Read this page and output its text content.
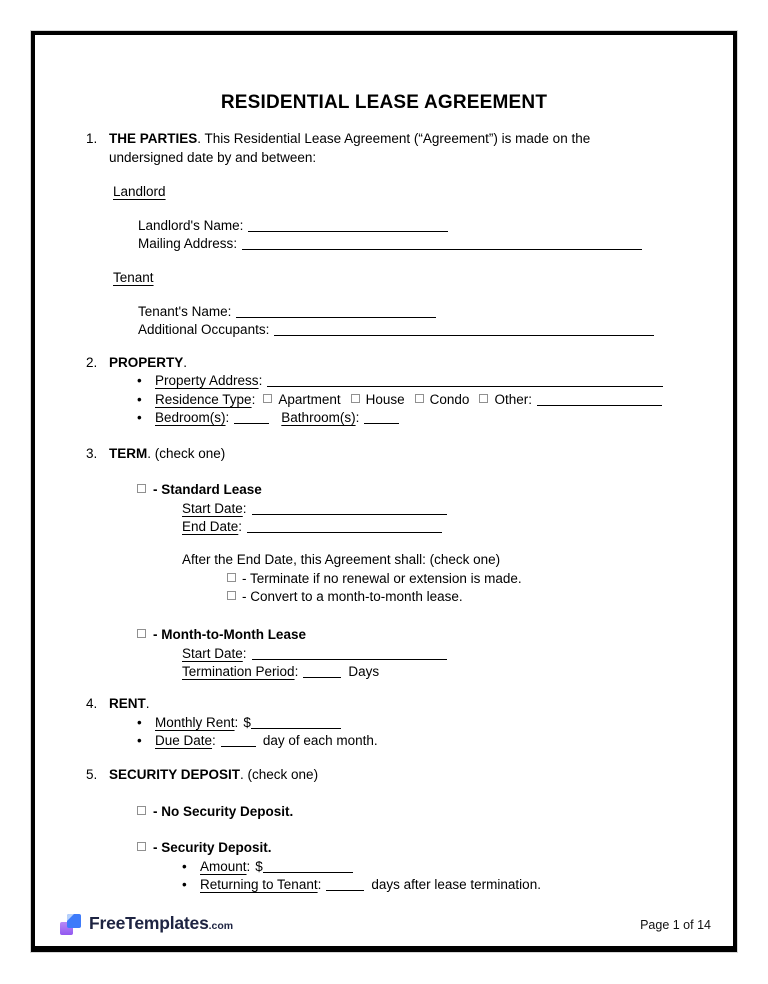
RESIDENTIAL LEASE AGREEMENT
1. THE PARTIES. This Residential Lease Agreement (“Agreement”) is made on the undersigned date by and between:
Landlord
Landlord's Name:
Mailing Address:
Tenant
Tenant's Name:
Additional Occupants:
2. PROPERTY.
• Property Address:
• Residence Type: Apartment House Condo Other:
• Bedroom(s):	Bathroom(s):
3. TERM. (check one)
- Standard Lease
Start Date:
End Date:
After the End Date, this Agreement shall: (check one)
- Terminate if no renewal or extension is made.
- Convert to a month-to-month lease.
- Month-to-Month Lease
Start Date:
Termination Period:	Days
4. RENT.
• Monthly Rent: $
• Due Date:	day of each month.
5. SECURITY DEPOSIT. (check one)
- No Security Deposit.
- Security Deposit.
• Amount: $
• Returning to Tenant:	days after lease termination.
FreeTemplates.com	Page 1 of 14
